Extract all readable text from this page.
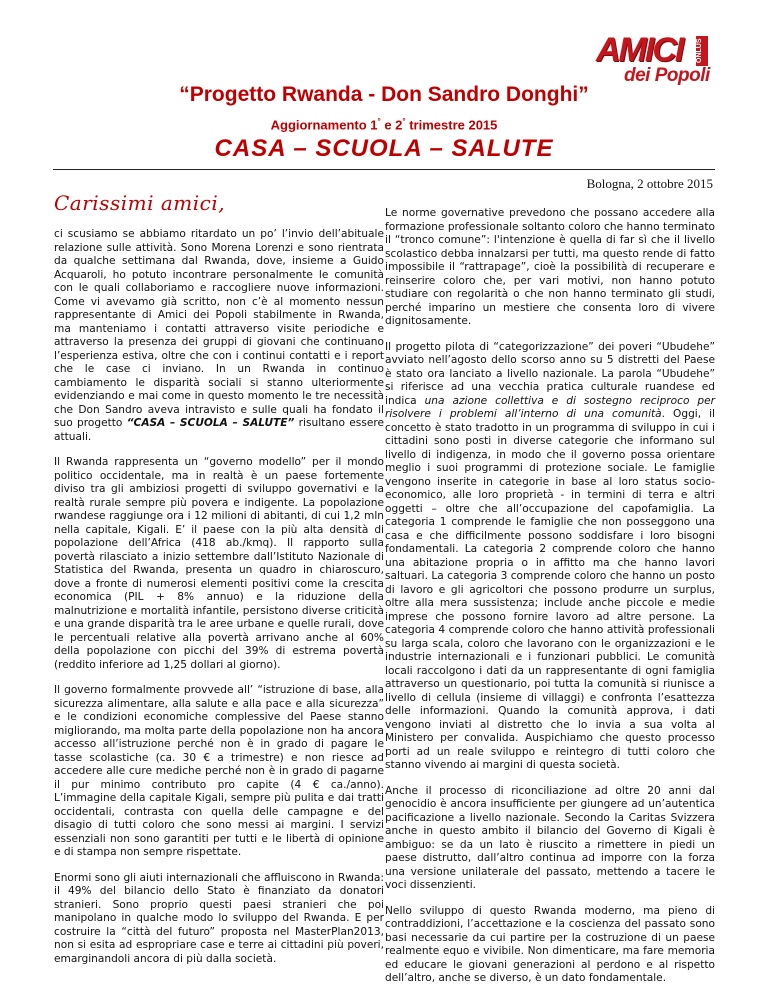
AMICI ONLUS
dei Popoli
“Progetto Rwanda - Don Sandro Donghi”
Aggiornamento 1° e 2° trimestre 2015
CASA – SCUOLA – SALUTE
Bologna, 2 ottobre 2015
Carissimi amici,

ci scusiamo se abbiamo ritardato un po’ l’invio dell’abituale relazione sulle attività. Sono Morena Lorenzi e sono rientrata da qualche settimana dal Rwanda, dove, insieme a Guido Acquaroli, ho potuto incontrare personalmente le comunità con le quali collaboriamo e raccogliere nuove informazioni. Come vi avevamo già scritto, non c’è al momento nessun rappresentante di Amici dei Popoli stabilmente in Rwanda, ma manteniamo i contatti attraverso visite periodiche e attraverso la presenza dei gruppi di giovani che continuano l’esperienza estiva, oltre che con i continui contatti e i report che le case ci inviano. In un Rwanda in continuo cambiamento le disparità sociali si stanno ulteriormente evidenziando e mai come in questo momento le tre necessità che Don Sandro aveva intravisto e sulle quali ha fondato il suo progetto “CASA – SCUOLA – SALUTE” risultano essere attuali.

Il Rwanda rappresenta un “governo modello” per il mondo politico occidentale, ma in realtà è un paese fortemente diviso tra gli ambiziosi progetti di sviluppo governativi e la realtà rurale sempre più povera e indigente. La popolazione rwandese raggiunge ora i 12 milioni di abitanti, di cui 1,2 mln nella capitale, Kigali. E’ il paese con la più alta densità di popolazione dell’Africa (418 ab./kmq). Il rapporto sulla povertà rilasciato a inizio settembre dall’Istituto Nazionale di Statistica del Rwanda, presenta un quadro in chiaroscuro, dove a fronte di numerosi elementi positivi come la crescita economica (PIL + 8% annuo) e la riduzione della malnutrizione e mortalità infantile, persistono diverse criticità e una grande disparità tra le aree urbane e quelle rurali, dove le percentuali relative alla povertà arrivano anche al 60% della popolazione con picchi del 39% di estrema povertà (reddito inferiore ad 1,25 dollari al giorno).

Il governo formalmente provvede all’ “istruzione di base, alla sicurezza alimentare, alla salute e alla pace e alla sicurezza” e le condizioni economiche complessive del Paese stanno migliorando, ma molta parte della popolazione non ha ancora accesso all’istruzione perché non è in grado di pagare le tasse scolastiche (ca. 30 € a trimestre) e non riesce ad accedere alle cure mediche perché non è in grado di pagarne il pur minimo contributo pro capite (4 € ca./anno). L’immagine della capitale Kigali, sempre più pulita e dai tratti occidentali, contrasta con quella delle campagne e del disagio di tutti coloro che sono messi ai margini. I servizi essenziali non sono garantiti per tutti e le libertà di opinione e di stampa non sempre rispettate.

Enormi sono gli aiuti internazionali che affluiscono in Rwanda: il 49% del bilancio dello Stato è finanziato da donatori stranieri. Sono proprio questi paesi stranieri che poi manipolano in qualche modo lo sviluppo del Rwanda. E per costruire la “città del futuro” proposta nel MasterPlan2013, non si esita ad espropriare case e terre ai cittadini più poveri, emarginandoli ancora di più dalla società.

Le norme governative prevedono che possano accedere alla formazione professionale soltanto coloro che hanno terminato il “tronco comune”: l'intenzione è quella di far sì che il livello scolastico debba innalzarsi per tutti, ma questo rende di fatto impossibile il “rattrapage”, cioè la possibilità di recuperare e reinserire coloro che, per vari motivi, non hanno potuto studiare con regolarità o che non hanno terminato gli studi, perché imparino un mestiere che consenta loro di vivere dignitosamente.

Il progetto pilota di “categorizzazione” dei poveri “Ubudehe” avviato nell’agosto dello scorso anno su 5 distretti del Paese è stato ora lanciato a livello nazionale. La parola “Ubudehe” si riferisce ad una vecchia pratica culturale ruandese ed indica una azione collettiva e di sostegno reciproco per risolvere i problemi all’interno di una comunità. Oggi, il concetto è stato tradotto in un programma di sviluppo in cui i cittadini sono posti in diverse categorie che informano sul livello di indigenza, in modo che il governo possa orientare meglio i suoi programmi di protezione sociale. Le famiglie vengono inserite in categorie in base al loro status socio-economico, alle loro proprietà - in termini di terra e altri oggetti – oltre che all’occupazione del capofamiglia. La categoria 1 comprende le famiglie che non posseggono una casa e che difficilmente possono soddisfare i loro bisogni fondamentali. La categoria 2 comprende coloro che hanno una abitazione propria o in affitto ma che hanno lavori saltuari. La categoria 3 comprende coloro che hanno un posto di lavoro e gli agricoltori che possono produrre un surplus, oltre alla mera sussistenza; include anche piccole e medie imprese che possono fornire lavoro ad altre persone. La categoria 4 comprende coloro che hanno attività professionali su larga scala, coloro che lavorano con le organizzazioni e le industrie internazionali e i funzionari pubblici. Le comunità locali raccolgono i dati da un rappresentante di ogni famiglia attraverso un questionario, poi tutta la comunità si riunisce a livello di cellula (insieme di villaggi) e confronta l’esattezza delle informazioni. Quando la comunità approva, i dati vengono inviati al distretto che lo invia a sua volta al Ministero per convalida. Auspichiamo che questo processo porti ad un reale sviluppo e reintegro di tutti coloro che stanno vivendo ai margini di questa società.

Anche il processo di riconciliazione ad oltre 20 anni dal genocidio è ancora insufficiente per giungere ad un’autentica pacificazione a livello nazionale. Secondo la Caritas Svizzera anche in questo ambito il bilancio del Governo di Kigali è ambiguo: se da un lato è riuscito a rimettere in piedi un paese distrutto, dall’altro continua ad imporre con la forza una versione unilaterale del passato, mettendo a tacere le voci dissenzienti.

Nello sviluppo di questo Rwanda moderno, ma pieno di contraddizioni, l’accettazione e la coscienza del passato sono basi necessarie da cui partire per la costruzione di un paese realmente equo e vivibile. Non dimenticare, ma fare memoria ed educare le giovani generazioni al perdono e al rispetto dell’altro, anche se diverso, è un dato fondamentale.
